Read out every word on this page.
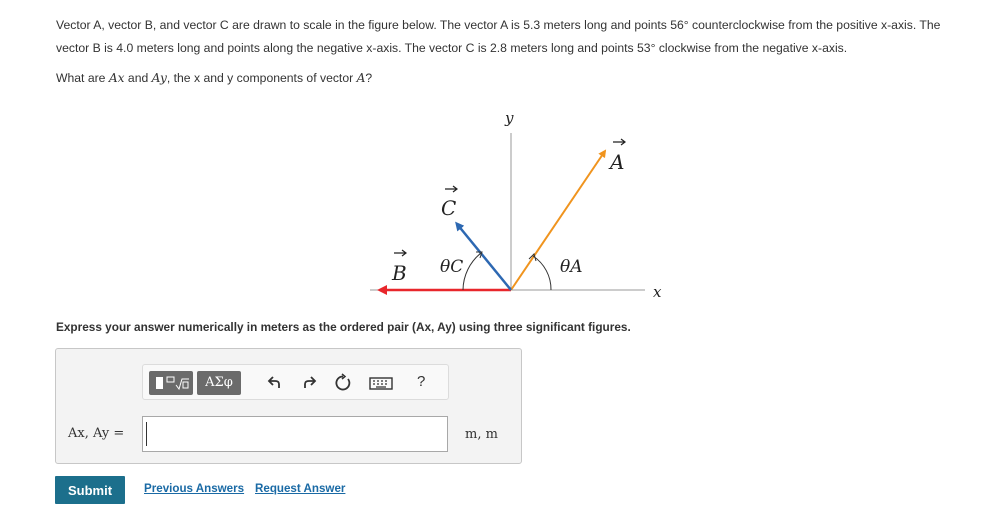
Vector A, vector B, and vector C are drawn to scale in the figure below. The vector A is 5.3 meters long and points 56° counterclockwise from the positive x-axis. The vector B is 4.0 meters long and points along the negative x-axis. The vector C is 2.8 meters long and points 53° clockwise from the negative x-axis.

What are Ax and Ay, the x and y components of vector A?

y
x
A
B
C
θA
θC

Express your answer numerically in meters as the ordered pair (Ax, Ay) using three significant figures.

ΑΣφ	?
Ax, Ay =	m, m
Submit	Previous Answers Request Answer
